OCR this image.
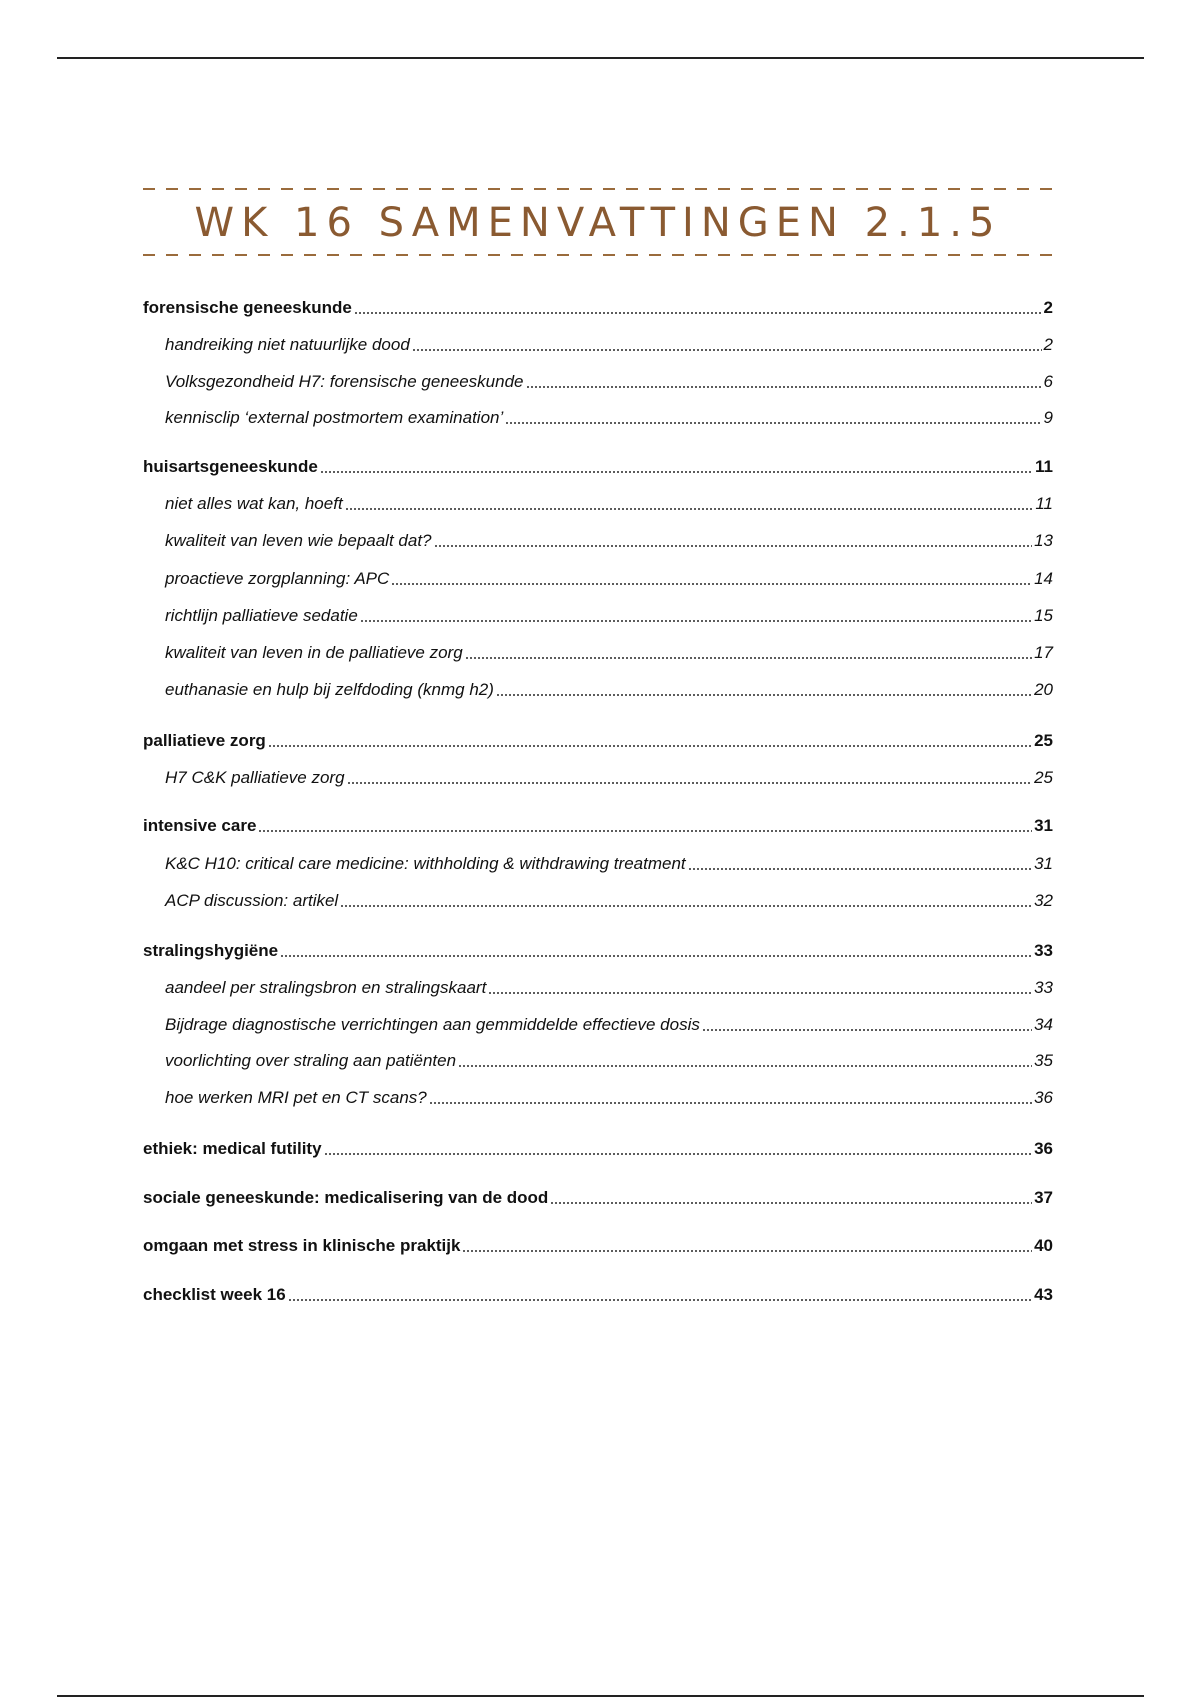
WK 16 SAMENVATTINGEN 2.1.5
forensische geneeskunde	2
handreiking niet natuurlijke dood	2
Volksgezondheid H7: forensische geneeskunde	6
kennisclip ‘external postmortem examination’	9
huisartsgeneeskunde	11
niet alles wat kan, hoeft	11
kwaliteit van leven wie bepaalt dat?	13
proactieve zorgplanning: APC	14
richtlijn palliatieve sedatie	15
kwaliteit van leven in de palliatieve zorg	17
euthanasie en hulp bij zelfdoding (knmg h2)	20
palliatieve zorg	25
H7 C&K palliatieve zorg	25
intensive care	31
K&C H10: critical care medicine: withholding & withdrawing treatment	31
ACP discussion: artikel	32
stralingshygiëne	33
aandeel per stralingsbron en stralingskaart	33
Bijdrage diagnostische verrichtingen aan gemmiddelde effectieve dosis	34
voorlichting over straling aan patiënten	35
hoe werken MRI pet en CT scans?	36
ethiek: medical futility	36
sociale geneeskunde: medicalisering van de dood	37
omgaan met stress in klinische praktijk	40
checklist week 16	43
